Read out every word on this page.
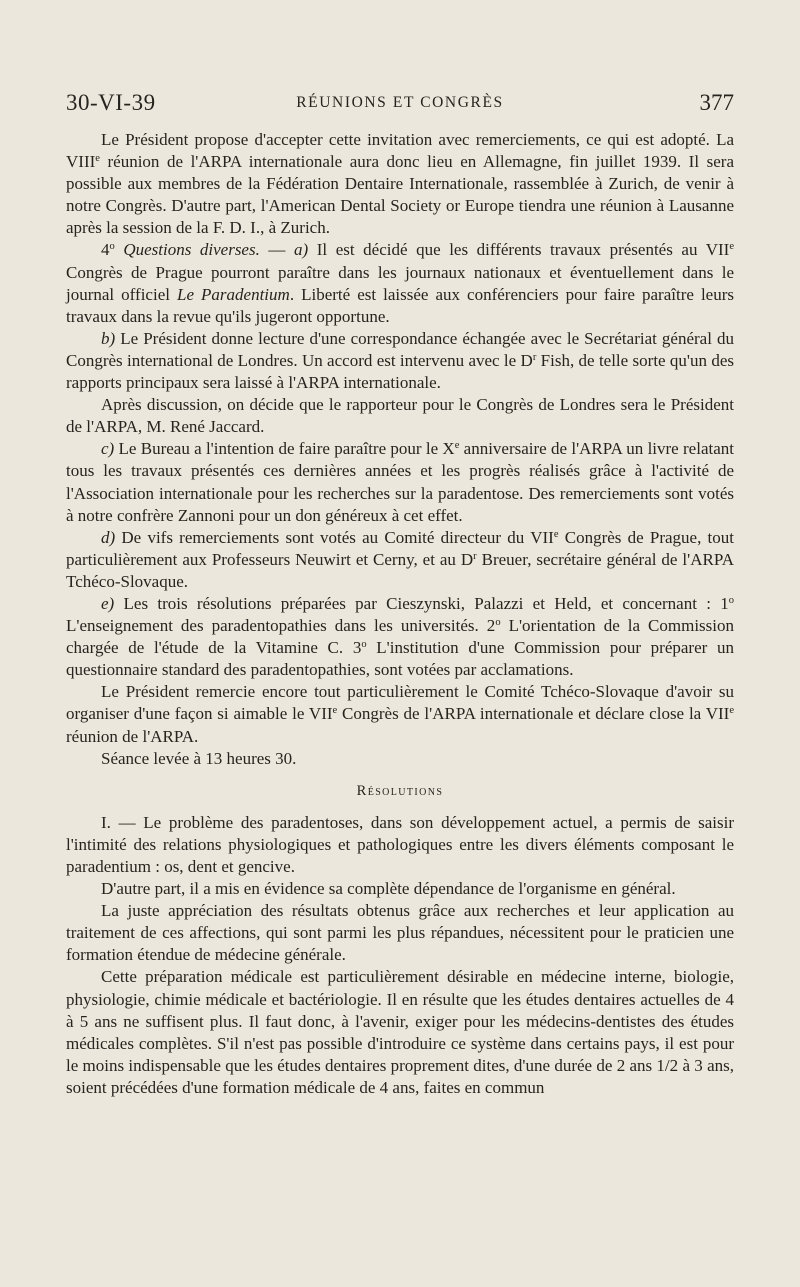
30-VI-39	RÉUNIONS ET CONGRÈS	377

Le Président propose d'accepter cette invitation avec remerciements, ce qui est adopté. La VIIIe réunion de l'ARPA internationale aura donc lieu en Allemagne, fin juillet 1939. Il sera possible aux membres de la Fédération Dentaire Internationale, rassemblée à Zurich, de venir à notre Congrès. D'autre part, l'American Dental Society or Europe tiendra une réunion à Lausanne après la session de la F. D. I., à Zurich.

4$^o$ Questions diverses. — a) Il est décidé que les différents travaux présentés au VIIe Congrès de Prague pourront paraître dans les journaux nationaux et éventuellement dans le journal officiel Le Paradentium. Liberté est laissée aux conférenciers pour faire paraître leurs travaux dans la revue qu'ils jugeront opportune.

b) Le Président donne lecture d'une correspondance échangée avec le Secrétariat général du Congrès international de Londres. Un accord est intervenu avec le $D^r$ Fish, de telle sorte qu'un des rapports principaux sera laissé à l'ARPA internationale.

Après discussion, on décide que le rapporteur pour le Congrès de Londres sera le Président de l'ARPA, M. René Jaccard.

c) Le Bureau a l'intention de faire paraître pour le Xe anniversaire de l'ARPA un livre relatant tous les travaux présentés ces dernières années et les progrès réalisés grâce à l'activité de l'Association internationale pour les recherches sur la paradentose. Des remerciements sont votés à notre confrère Zannoni pour un don généreux à cet effet.

d) De vifs remerciements sont votés au Comité directeur du VIIe Congrès de Prague, tout particulièrement aux Professeurs Neuwirt et Cerny, et au $D^r$ Breuer, secrétaire général de l'ARPA Tchéco-Slovaque.

e) Les trois résolutions préparées par Cieszynski, Palazzi et Held, et concernant : 1$^o$ L'enseignement des paradentopathies dans les universités. 2$^o$ L'orientation de la Commission chargée de l'étude de la Vitamine C. 3$^o$ L'institution d'une Commission pour préparer un questionnaire standard des paradentopathies, sont votées par acclamations.

Le Président remercie encore tout particulièrement le Comité Tchéco-Slovaque d'avoir su organiser d'une façon si aimable le VIIe Congrès de l'ARPA internationale et déclare close la VIIe réunion de l'ARPA.

Séance levée à 13 heures 30.

Résolutions

I. — Le problème des paradentoses, dans son développement actuel, a permis de saisir l'intimité des relations physiologiques et pathologiques entre les divers éléments composant le paradentium : os, dent et gencive.

D'autre part, il a mis en évidence sa complète dépendance de l'organisme en général.

La juste appréciation des résultats obtenus grâce aux recherches et leur application au traitement de ces affections, qui sont parmi les plus répandues, nécessitent pour le praticien une formation étendue de médecine générale.

Cette préparation médicale est particulièrement désirable en médecine interne, biologie, physiologie, chimie médicale et bactériologie. Il en résulte que les études dentaires actuelles de 4 à 5 ans ne suffisent plus. Il faut donc, à l'avenir, exiger pour les médecins-dentistes des études médicales complètes. S'il n'est pas possible d'introduire ce système dans certains pays, il est pour le moins indispensable que les études dentaires proprement dites, d'une durée de 2 ans 1/2 à 3 ans, soient précédées d'une formation médicale de 4 ans, faites en commun
